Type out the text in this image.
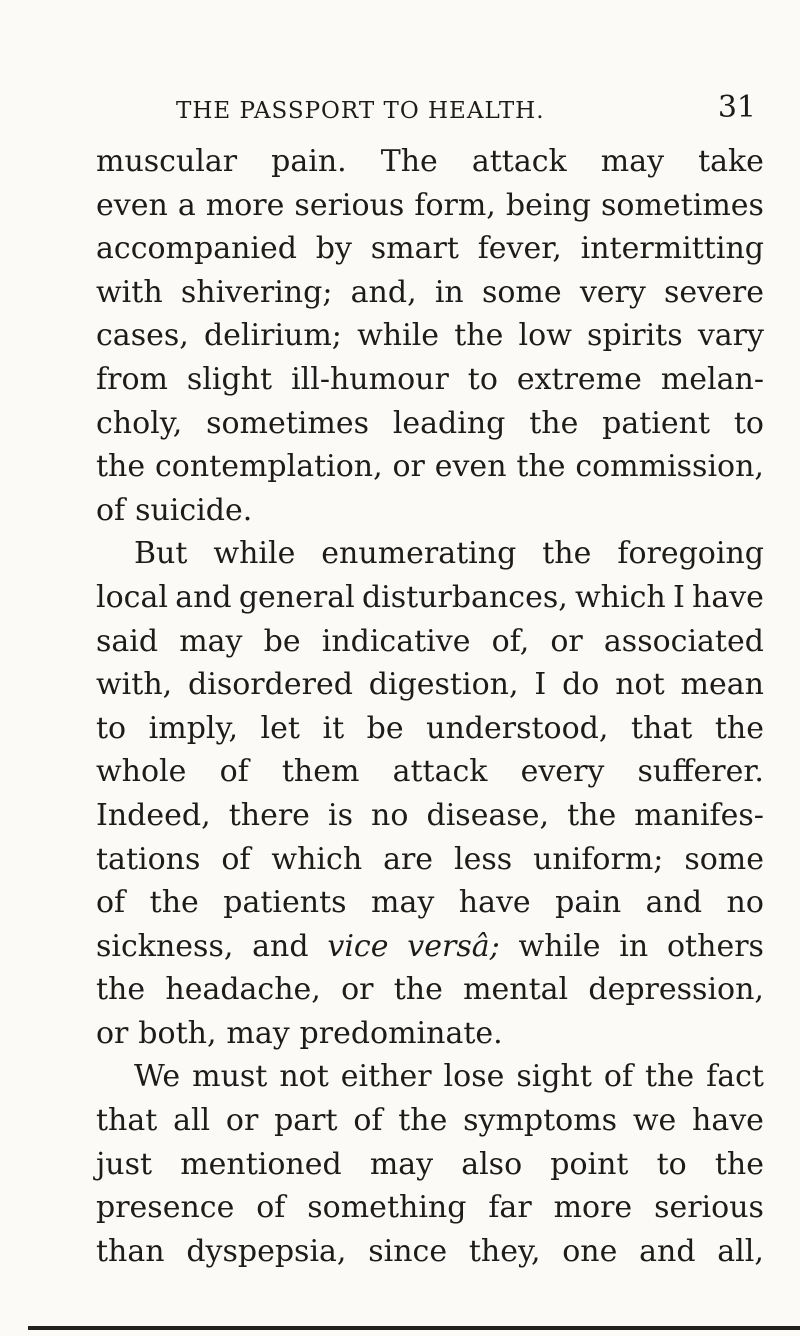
THE PASSPORT TO HEALTH.	31
muscular pain. The attack may take
even a more serious form, being sometimes
accompanied by smart fever, intermitting
with shivering; and, in some very severe
cases, delirium; while the low spirits vary
from slight ill-humour to extreme melan-
choly, sometimes leading the patient to
the contemplation, or even the commission,
of suicide.
But while enumerating the foregoing
local and general disturbances, which I have
said may be indicative of, or associated
with, disordered digestion, I do not mean
to imply, let it be understood, that the
whole of them attack every sufferer.
Indeed, there is no disease, the manifes-
tations of which are less uniform; some
of the patients may have pain and no
sickness, and vice versâ; while in others
the headache, or the mental depression,
or both, may predominate.
We must not either lose sight of the fact
that all or part of the symptoms we have
just mentioned may also point to the
presence of something far more serious
than dyspepsia, since they, one and all,
